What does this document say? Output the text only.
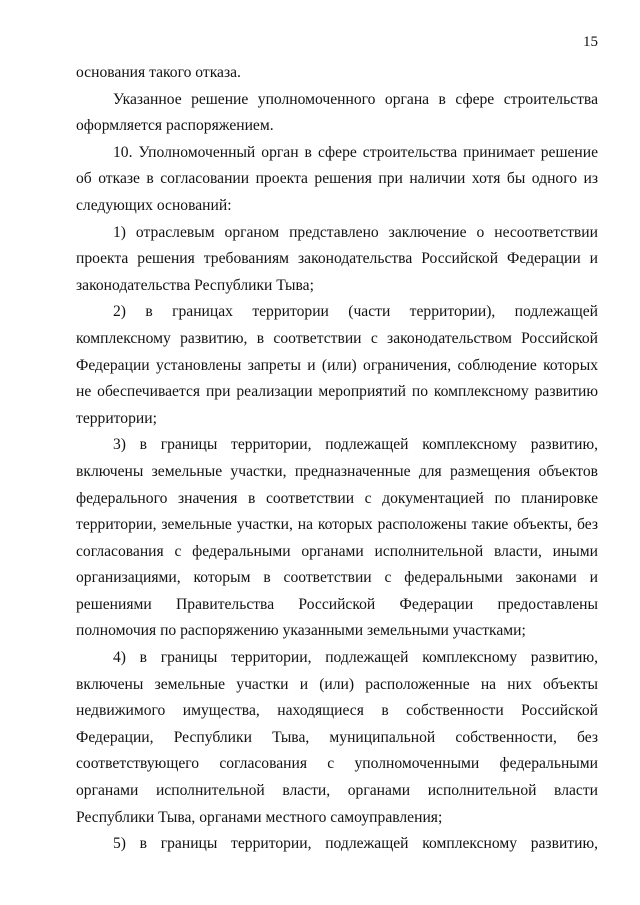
15

основания такого отказа.

Указанное решение уполномоченного органа в сфере строительства оформляется распоряжением.

10. Уполномоченный орган в сфере строительства принимает решение об отказе в согласовании проекта решения при наличии хотя бы одного из следующих оснований:

1) отраслевым органом представлено заключение о несоответствии проекта решения требованиям законодательства Российской Федерации и законодательства Республики Тыва;

2) в границах территории (части территории), подлежащей комплексному развитию, в соответствии с законодательством Российской Федерации установлены запреты и (или) ограничения, соблюдение которых не обеспечивается при реализации мероприятий по комплексному развитию территории;

3) в границы территории, подлежащей комплексному развитию, включены земельные участки, предназначенные для размещения объектов федерального значения в соответствии с документацией по планировке территории, земельные участки, на которых расположены такие объекты, без согласования с федеральными органами исполнительной власти, иными организациями, которым в соответствии с федеральными законами и решениями Правительства Российской Федерации предоставлены полномочия по распоряжению указанными земельными участками;

4) в границы территории, подлежащей комплексному развитию, включены земельные участки и (или) расположенные на них объекты недвижимого имущества, находящиеся в собственности Российской Федерации, Республики Тыва, муниципальной собственности, без соответствующего согласования с уполномоченными федеральными органами исполнительной власти, органами исполнительной власти Республики Тыва, органами местного самоуправления;

5) в границы территории, подлежащей комплексному развитию,
